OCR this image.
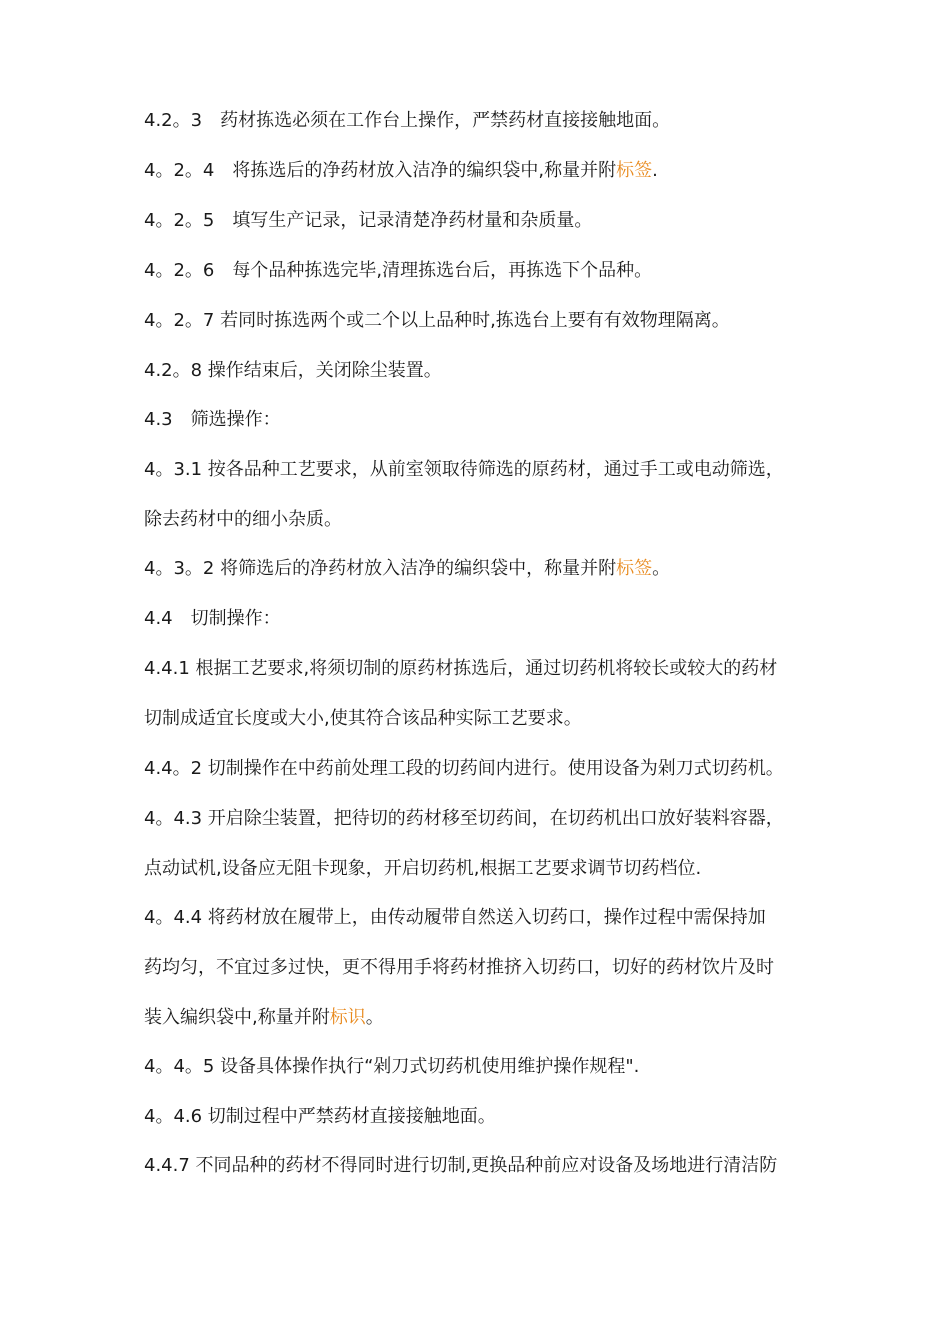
4.2。3　药材拣选必须在工作台上操作，严禁药材直接接触地面。
4。2。4　将拣选后的净药材放入洁净的编织袋中,称量并附标签.
4。2。5　填写生产记录，记录清楚净药材量和杂质量。
4。2。6　每个品种拣选完毕,清理拣选台后，再拣选下个品种。
4。2。7 若同时拣选两个或二个以上品种时,拣选台上要有有效物理隔离。
4.2。8 操作结束后，关闭除尘装置。
4.3　筛选操作：
4。3.1 按各品种工艺要求，从前室领取待筛选的原药材，通过手工或电动筛选，
除去药材中的细小杂质。
4。3。2 将筛选后的净药材放入洁净的编织袋中，称量并附标签。
4.4　切制操作：
4.4.1 根据工艺要求,将须切制的原药材拣选后，通过切药机将较长或较大的药材
切制成适宜长度或大小,使其符合该品种实际工艺要求。
4.4。2 切制操作在中药前处理工段的切药间内进行。使用设备为剁刀式切药机。
4。4.3 开启除尘装置，把待切的药材移至切药间，在切药机出口放好装料容器，
点动试机,设备应无阻卡现象，开启切药机,根据工艺要求调节切药档位.
4。4.4 将药材放在履带上，由传动履带自然送入切药口，操作过程中需保持加
药均匀，不宜过多过快，更不得用手将药材推挤入切药口，切好的药材饮片及时
装入编织袋中,称量并附标识。
4。4。5 设备具体操作执行“剁刀式切药机使用维护操作规程".
4。4.6 切制过程中严禁药材直接接触地面。
4.4.7 不同品种的药材不得同时进行切制,更换品种前应对设备及场地进行清洁防
